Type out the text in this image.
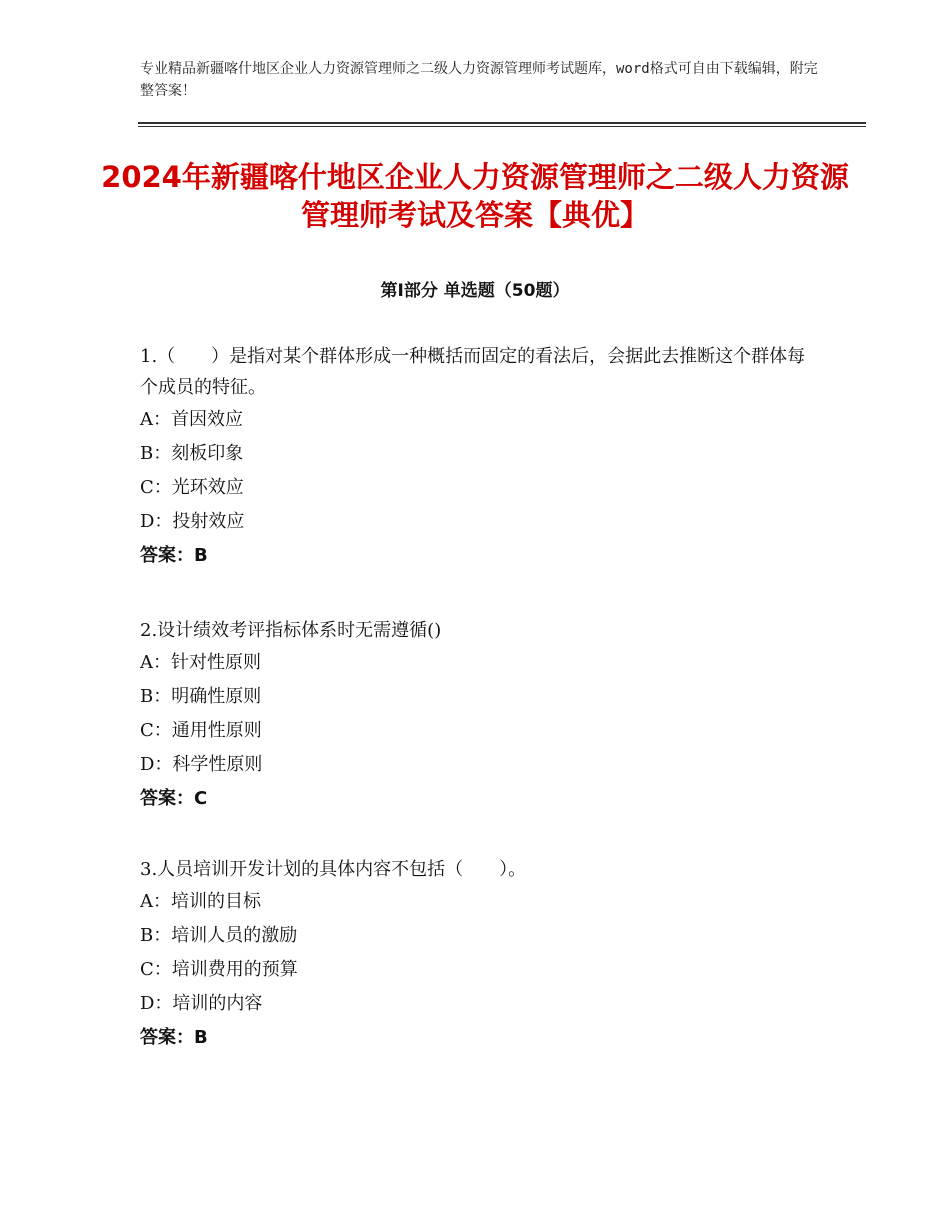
专业精品新疆喀什地区企业人力资源管理师之二级人力资源管理师考试题库，word格式可自由下载编辑，附完整答案！
2024年新疆喀什地区企业人力资源管理师之二级人力资源管理师考试及答案【典优】
第Ⅰ部分 单选题（50题）

1.（　　）是指对某个群体形成一种概括而固定的看法后，会据此去推断这个群体每个成员的特征。

A：首因效应

B：刻板印象

C：光环效应

D：投射效应

答案：B

2.设计绩效考评指标体系时无需遵循()

A：针对性原则

B：明确性原则

C：通用性原则

D：科学性原则

答案：C

3.人员培训开发计划的具体内容不包括（　　）。

A：培训的目标

B：培训人员的激励

C：培训费用的预算

D：培训的内容

答案：B
